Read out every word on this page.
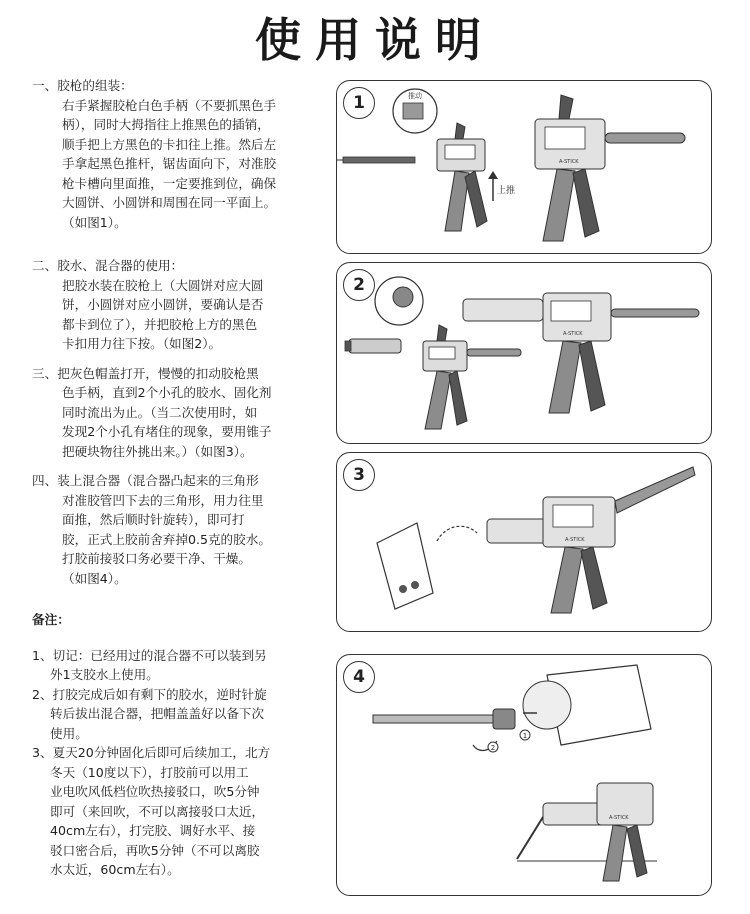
使用说明

一、胶枪的组装：

右手紧握胶枪白色手柄（不要抓黑色手

柄），同时大拇指往上推黑色的插销，

顺手把上方黑色的卡扣往上推。然后左

手拿起黑色推杆，锯齿面向下，对准胶

枪卡槽向里面推，一定要推到位，确保

大圆饼、小圆饼和周围在同一平面上。

（如图1）。

二、胶水、混合器的使用：

把胶水装在胶枪上（大圆饼对应大圆

饼，小圆饼对应小圆饼，要确认是否

都卡到位了），并把胶枪上方的黑色

卡扣用力往下按。（如图2）。

三、把灰色帽盖打开，慢慢的扣动胶枪黑

色手柄，直到2个小孔的胶水、固化剂

同时流出为止。（当二次使用时，如

发现2个小孔有堵住的现象，要用锥子

把硬块物往外挑出来。）（如图3）。

四、装上混合器（混合器凸起来的三角形

对准胶管凹下去的三角形，用力往里

面推，然后顺时针旋转），即可打

胶，正式上胶前舍弃掉0.5克的胶水。

打胶前接驳口务必要干净、干燥。

（如图4）。

备注：

1、切记：已经用过的混合器不可以装到另

外1支胶水上使用。

2、打胶完成后如有剩下的胶水，逆时针旋

转后拔出混合器，把帽盖盖好以备下次

使用。

3、夏天20分钟固化后即可后续加工，北方

冬天（10度以下），打胶前可以用工

业电吹风低档位吹热接驳口，吹5分钟

即可（来回吹，不可以离接驳口太近，

40cm左右），打完胶、调好水平、接

驳口密合后，再吹5分钟（不可以离胶

水太近，60cm左右）。

推动
上推
A-STICK
1
A-STICK
2
A-STICK
3
1
2
A-STICK
4
